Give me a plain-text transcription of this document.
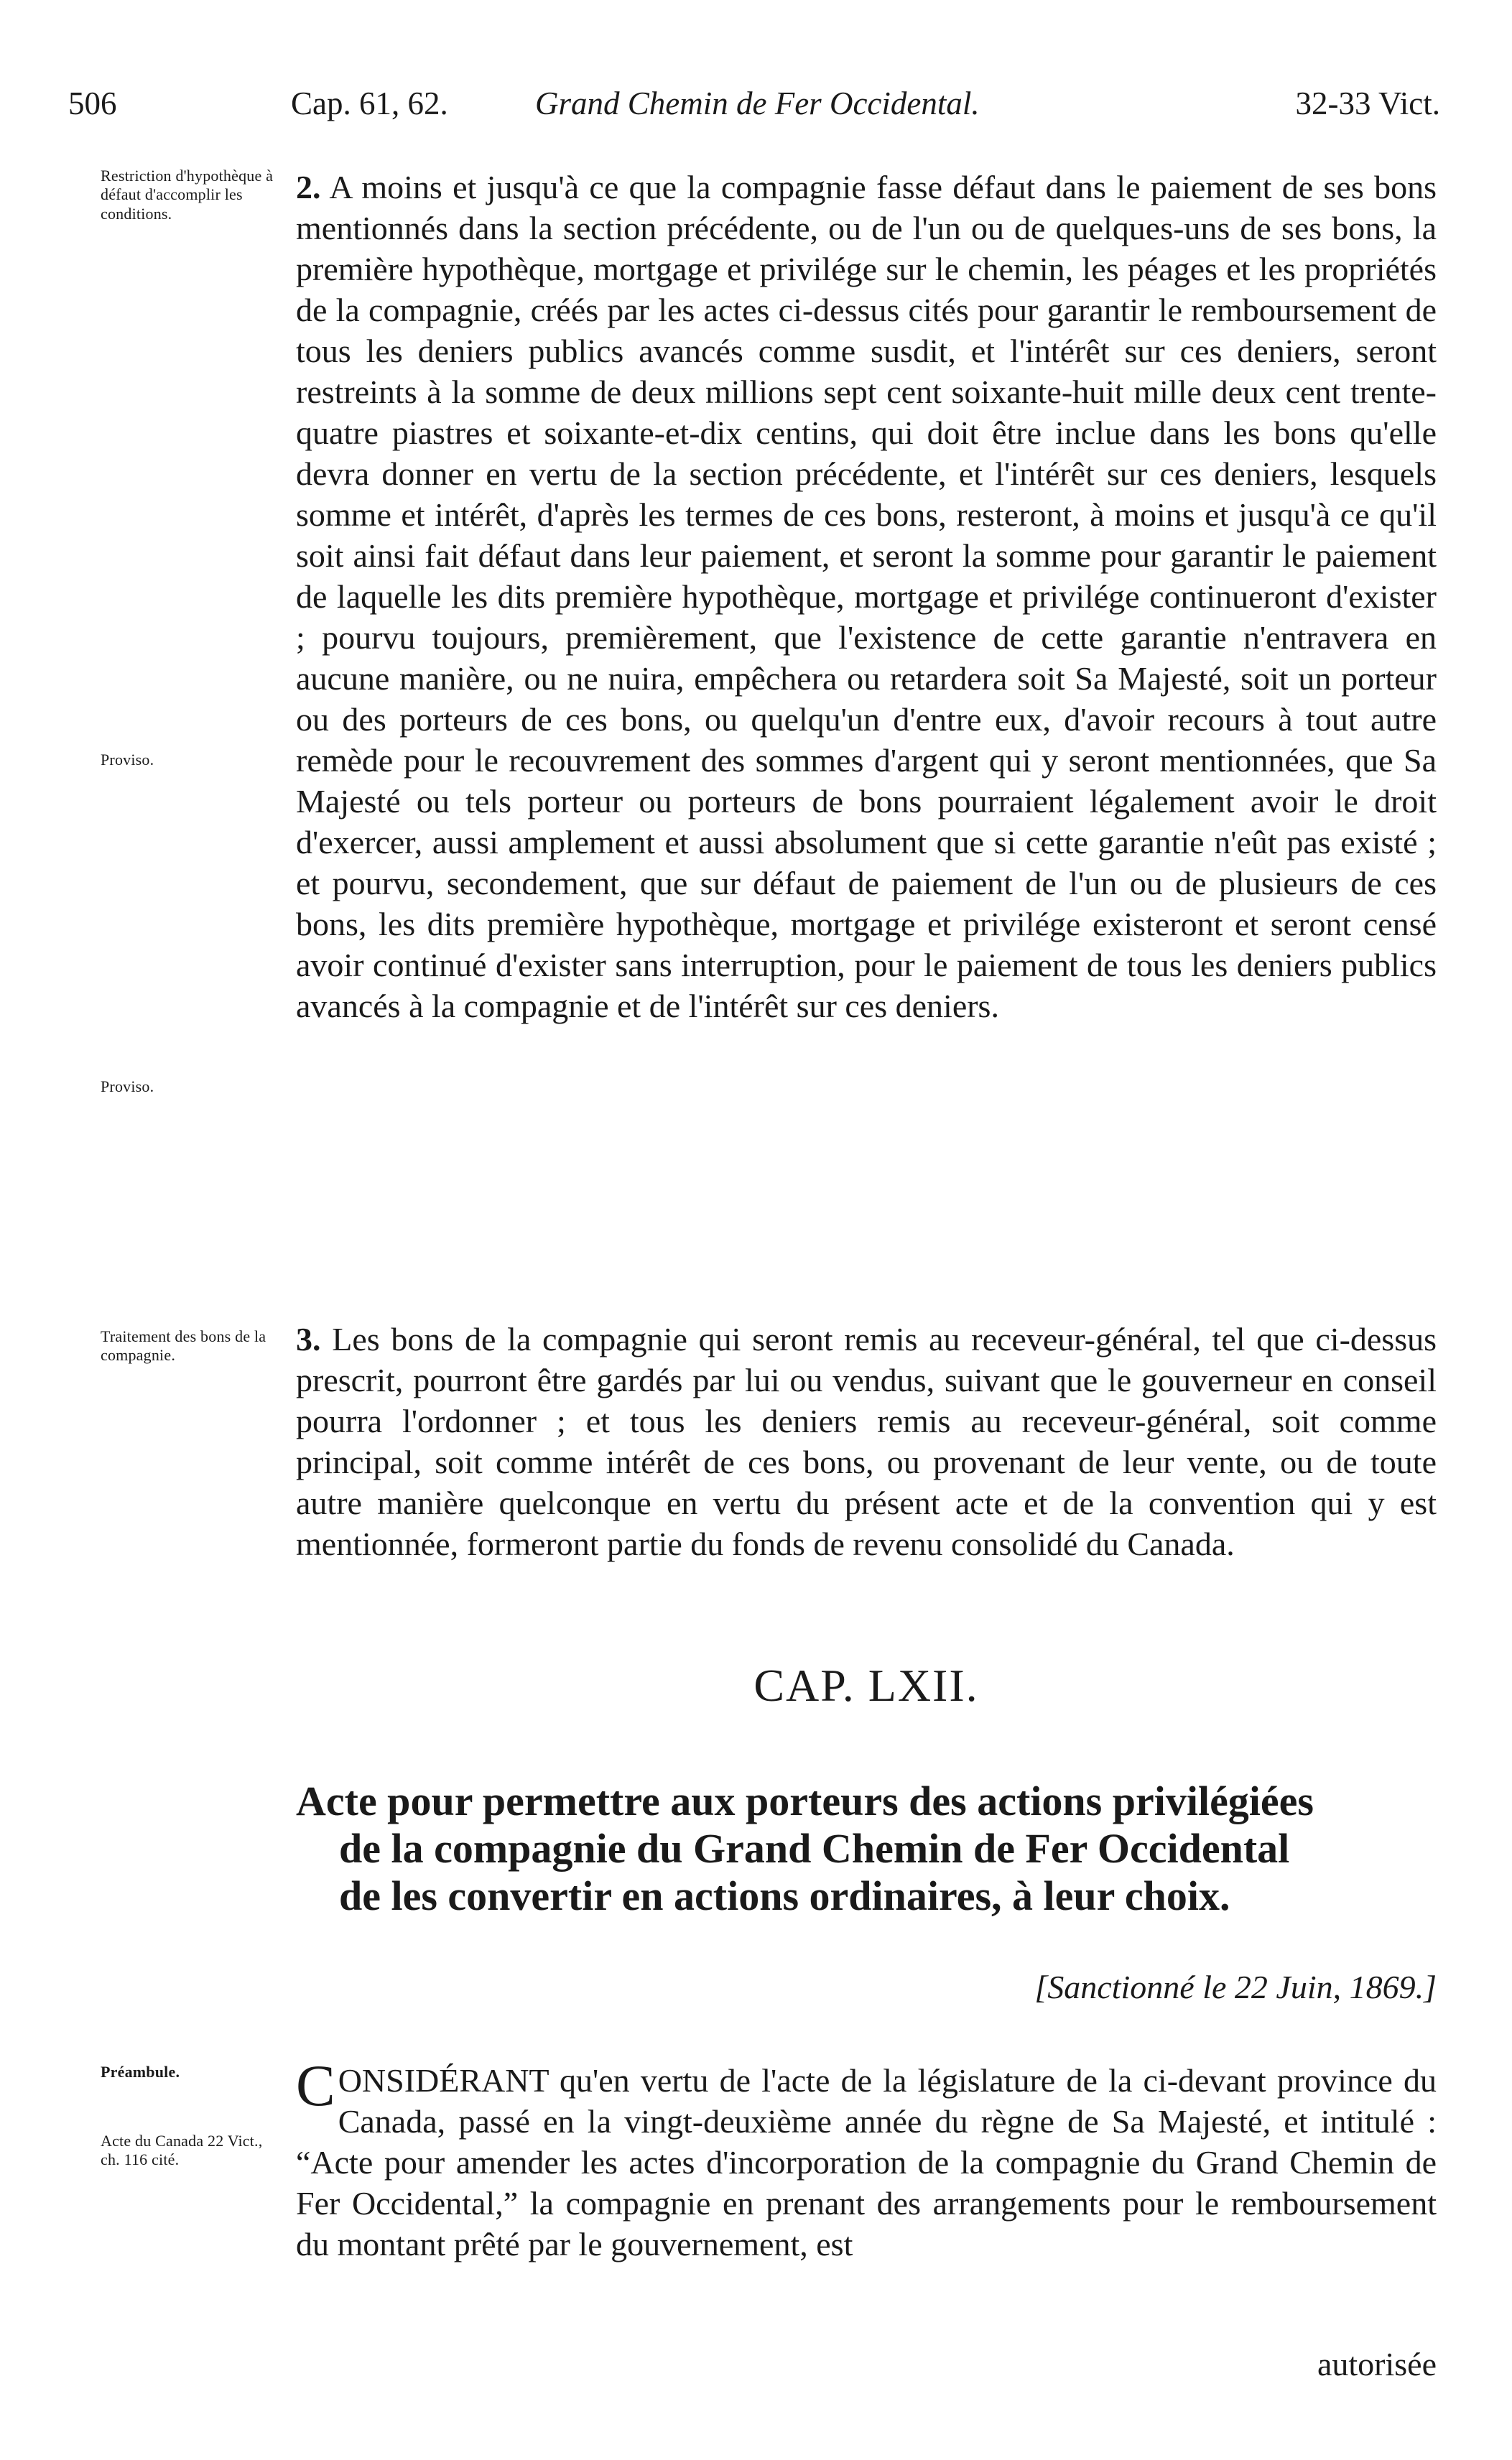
506	Cap. 61, 62.	Grand Chemin de Fer Occidental.	32-33 Vict.
Restriction d'hypothèque à défaut d'accomplir les conditions.
Proviso.
Proviso.
Traitement des bons de la compagnie.
Préambule.
Acte du Canada 22 Vict., ch. 116 cité.
2. A moins et jusqu'à ce que la compagnie fasse défaut dans le paiement de ses bons mentionnés dans la section précédente, ou de l'un ou de quelques-uns de ses bons, la première hypothèque, mortgage et privilége sur le chemin, les péages et les propriétés de la compagnie, créés par les actes ci-dessus cités pour garantir le remboursement de tous les deniers publics avancés comme susdit, et l'intérêt sur ces deniers, seront restreints à la somme de deux millions sept cent soixante-huit mille deux cent trente-quatre piastres et soixante-et-dix centins, qui doit être inclue dans les bons qu'elle devra donner en vertu de la section précédente, et l'intérêt sur ces deniers, lesquels somme et intérêt, d'après les termes de ces bons, resteront, à moins et jusqu'à ce qu'il soit ainsi fait défaut dans leur paiement, et seront la somme pour garantir le paiement de laquelle les dits première hypothèque, mortgage et privilége continueront d'exister ; pourvu toujours, premièrement, que l'existence de cette garantie n'entravera en aucune manière, ou ne nuira, empêchera ou retardera soit Sa Majesté, soit un porteur ou des porteurs de ces bons, ou quelqu'un d'entre eux, d'avoir recours à tout autre remède pour le recouvrement des sommes d'argent qui y seront mentionnées, que Sa Majesté ou tels porteur ou porteurs de bons pourraient légalement avoir le droit d'exercer, aussi amplement et aussi absolument que si cette garantie n'eût pas existé ; et pourvu, secondement, que sur défaut de paiement de l'un ou de plusieurs de ces bons, les dits première hypothèque, mortgage et privilége existeront et seront censé avoir continué d'exister sans interruption, pour le paiement de tous les deniers publics avancés à la compagnie et de l'intérêt sur ces deniers.
3. Les bons de la compagnie qui seront remis au receveur-général, tel que ci-dessus prescrit, pourront être gardés par lui ou vendus, suivant que le gouverneur en conseil pourra l'ordonner ; et tous les deniers remis au receveur-général, soit comme principal, soit comme intérêt de ces bons, ou provenant de leur vente, ou de toute autre manière quelconque en vertu du présent acte et de la convention qui y est mentionnée, formeront partie du fonds de revenu consolidé du Canada.
CAP. LXII.
Acte pour permettre aux porteurs des actions privilégiées
de la compagnie du Grand Chemin de Fer Occidental
de les convertir en actions ordinaires, à leur choix.
[Sanctionné le 22 Juin, 1869.]
C ONSIDÉRANT qu'en vertu de l'acte de la législature de la ci-devant province du Canada, passé en la vingt-deuxième année du règne de Sa Majesté, et intitulé : “Acte pour amender les actes d'incorporation de la compagnie du Grand Chemin de Fer Occidental,” la compagnie en prenant des arrangements pour le remboursement du montant prêté par le gouvernement, est
autorisée
